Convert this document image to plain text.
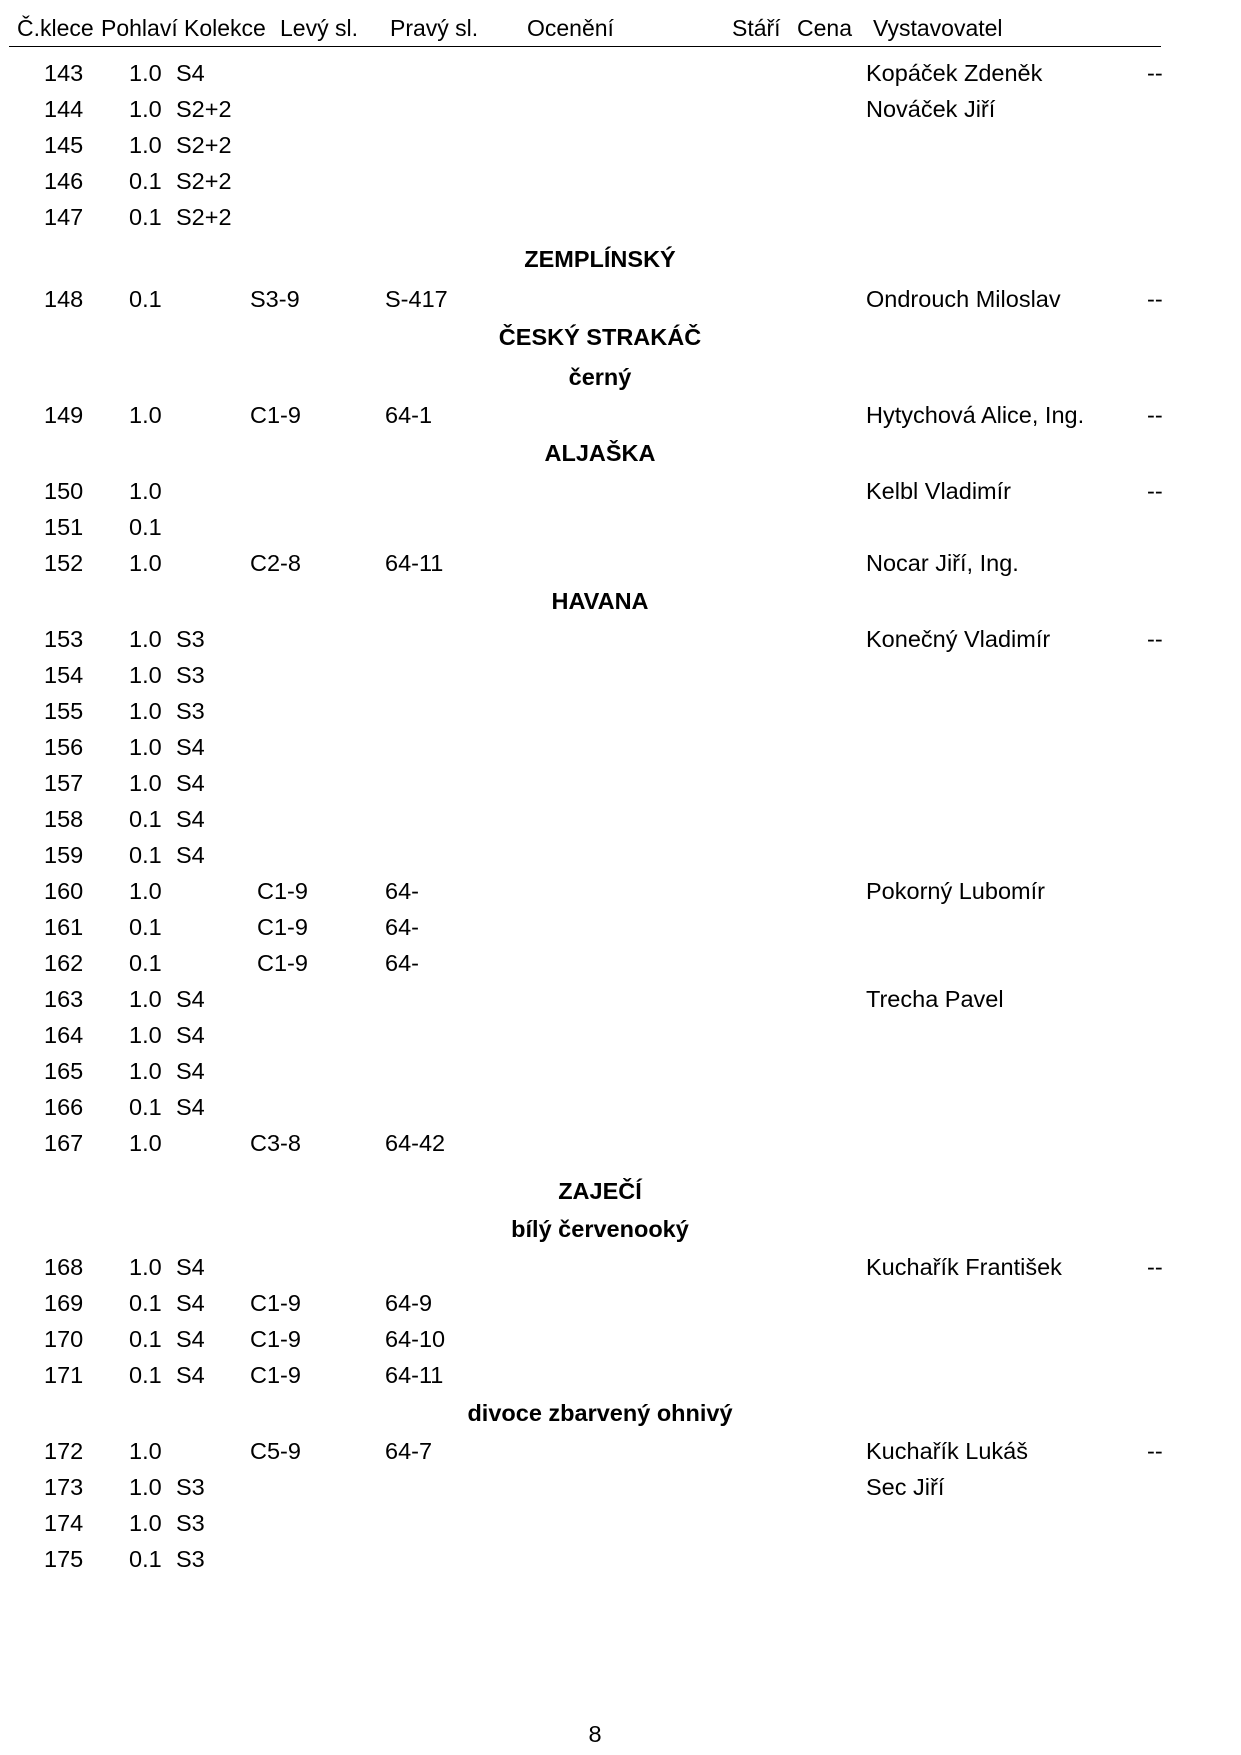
Č.klece Pohlaví Kolekce Levý sl. Pravý sl. Ocenění	Stáří Cena Vystavovatel
143 1.0 S4	Kopáček Zdeněk	--
144 1.0 S2+2	Nováček Jiří
145 1.0 S2+2
146 0.1 S2+2
147 0.1 S2+2
ZEMPLÍNSKÝ
148 0.1	S3-9	S-417	Ondrouch Miloslav	--
ČESKÝ STRAKÁČ
černý
149 1.0	C1-9	64-1	Hytychová Alice, Ing.	--
ALJAŠKA
150 1.0	Kelbl Vladimír	--
151 0.1
152 1.0	C2-8	64-11	Nocar Jiří, Ing.
HAVANA
153 1.0 S3	Konečný Vladimír	--
154 1.0 S3
155 1.0 S3
156 1.0 S4
157 1.0 S4
158 0.1 S4
159 0.1 S4
160 1.0	C1-9	64-	Pokorný Lubomír
161 0.1	C1-9	64-
162 0.1	C1-9	64-
163 1.0 S4	Trecha Pavel
164 1.0 S4
165 1.0 S4
166 0.1 S4
167 1.0	C3-8	64-42
ZAJEČÍ
bílý červenooký
168 1.0 S4	Kuchařík František	--
169 0.1 S4 C1-9	64-9
170 0.1 S4 C1-9	64-10
171 0.1 S4 C1-9	64-11
divoce zbarvený ohnivý
172 1.0	C5-9	64-7	Kuchařík Lukáš	--
173 1.0 S3	Sec Jiří
174 1.0 S3
175 0.1 S3
8
